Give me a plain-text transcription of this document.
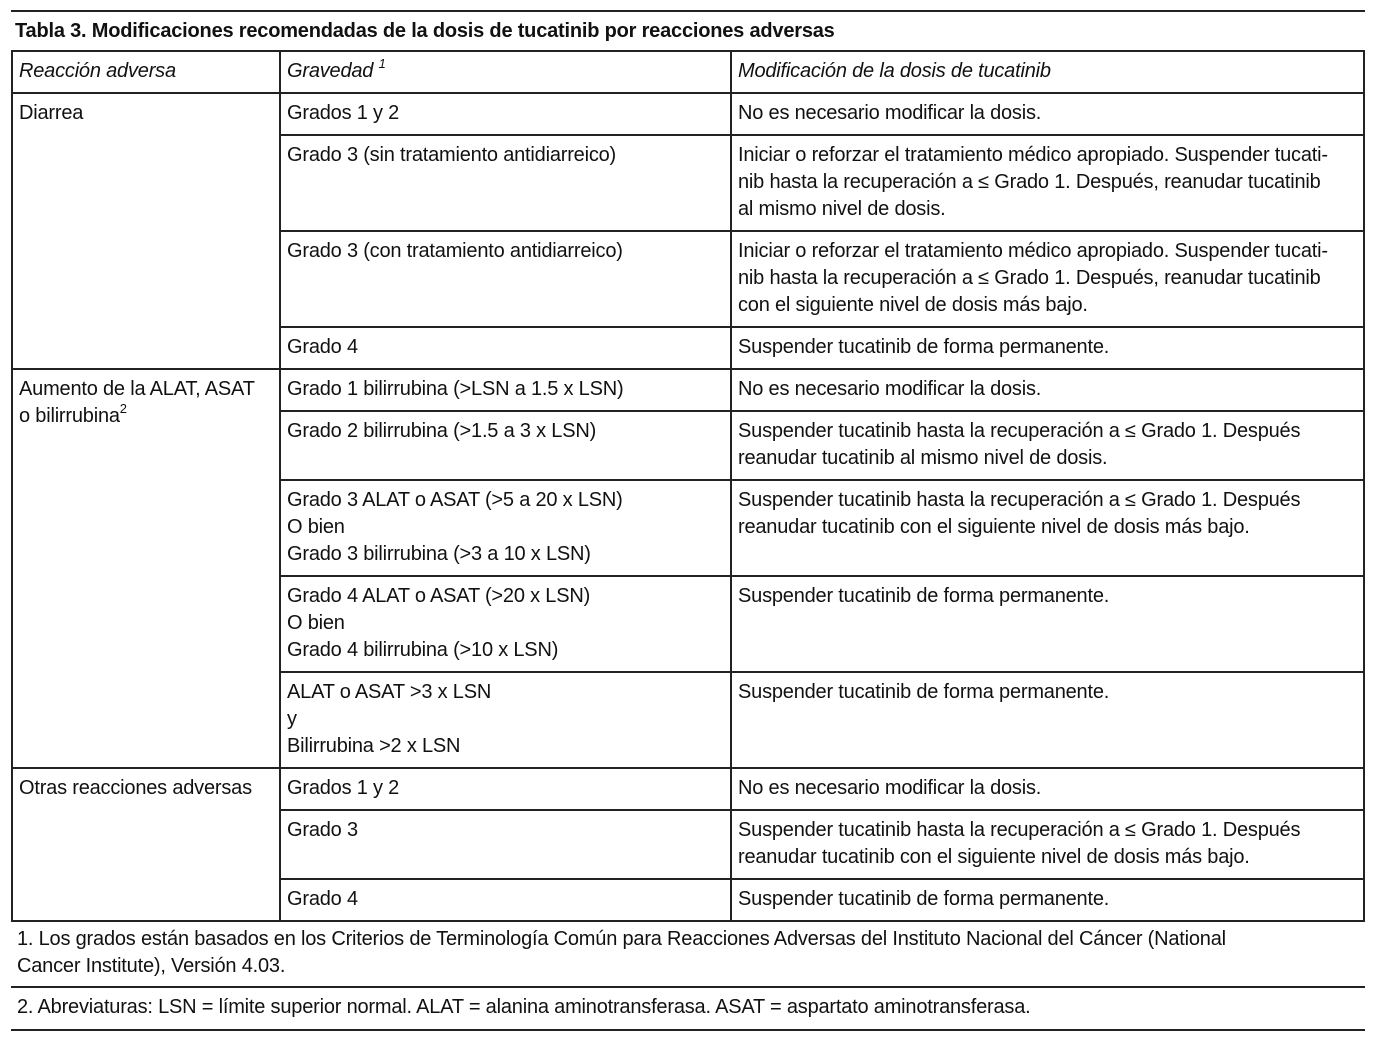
Tabla 3. Modificaciones recomendadas de la dosis de tucatinib por reacciones adversas
Reacción adversa	Gravedad $^1$	Modificación de la dosis de tucatinib
Diarrea	Grados 1 y 2	No es necesario modificar la dosis.

	Grado 3 (sin tratamiento antidiarreico)	Iniciar o reforzar el tratamiento médico apropiado. Suspender tucati-
nib hasta la recuperación a ≤ Grado 1. Después, reanudar tucatinib
al mismo nivel de dosis.

	Grado 3 (con tratamiento antidiarreico)	Iniciar o reforzar el tratamiento médico apropiado. Suspender tucati-
nib hasta la recuperación a ≤ Grado 1. Después, reanudar tucatinib
con el siguiente nivel de dosis más bajo.

	Grado 4	Suspender tucatinib de forma permanente.

Aumento de la ALAT, ASAT
o bilirrubina$^2$	Grado 1 bilirrubina (>LSN a 1.5 x LSN)	No es necesario modificar la dosis.

	Grado 2 bilirrubina (>1.5 a 3 x LSN)	Suspender tucatinib hasta la recuperación a ≤ Grado 1. Después
reanudar tucatinib al mismo nivel de dosis.

	Grado 3 ALAT o ASAT (>5 a 20 x LSN)
O bien
Grado 3 bilirrubina (>3 a 10 x LSN)	Suspender tucatinib hasta la recuperación a ≤ Grado 1. Después
reanudar tucatinib con el siguiente nivel de dosis más bajo.

	Grado 4 ALAT o ASAT (>20 x LSN)
O bien
Grado 4 bilirrubina (>10 x LSN)	Suspender tucatinib de forma permanente.

	ALAT o ASAT >3 x LSN
y
Bilirrubina >2 x LSN	Suspender tucatinib de forma permanente.

Otras reacciones adversas	Grados 1 y 2	No es necesario modificar la dosis.

	Grado 3	Suspender tucatinib hasta la recuperación a ≤ Grado 1. Después
reanudar tucatinib con el siguiente nivel de dosis más bajo.

	Grado 4	Suspender tucatinib de forma permanente.
1. Los grados están basados en los Criterios de Terminología Común para Reacciones Adversas del Instituto Nacional del Cáncer (National
Cancer Institute), Versión 4.03.
2. Abreviaturas: LSN = límite superior normal. ALAT = alanina aminotransferasa. ASAT = aspartato aminotransferasa.
